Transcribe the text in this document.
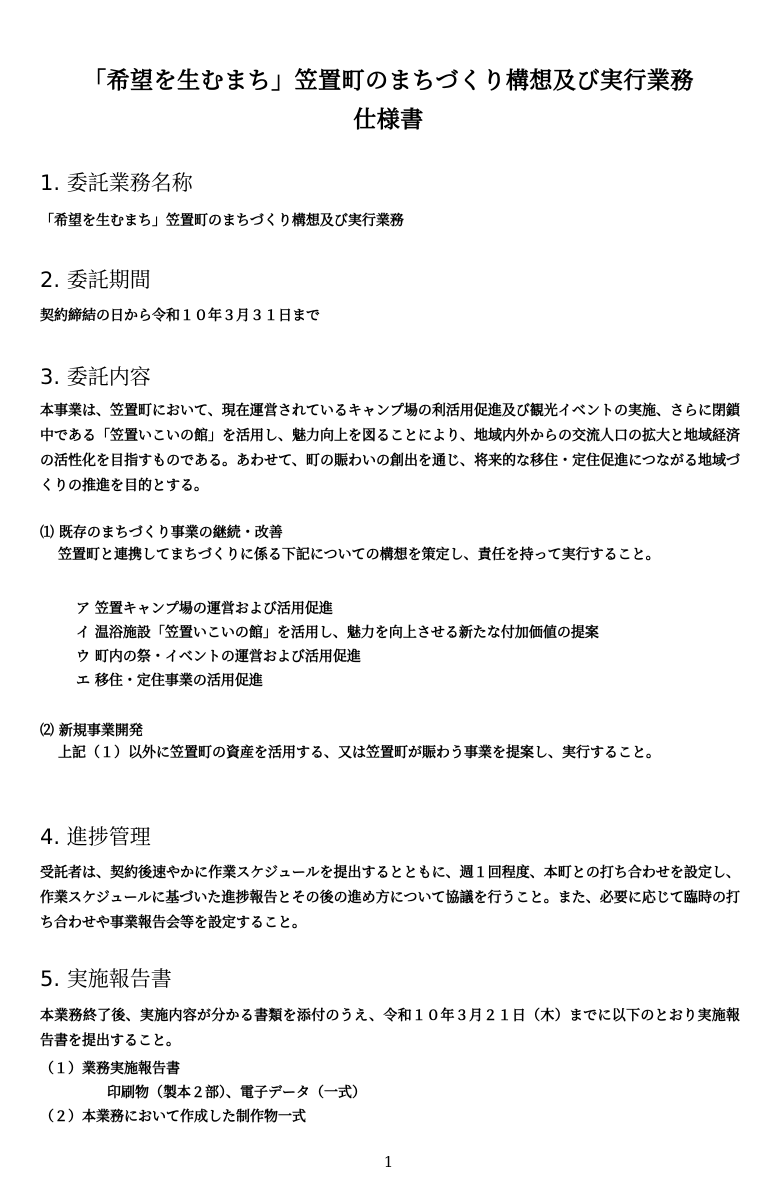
「希望を生むまち」笠置町のまちづくり構想及び実行業務
仕様書
1. 委託業務名称
「希望を生むまち」笠置町のまちづくり構想及び実行業務
2. 委託期間
契約締結の日から令和１０年３月３１日まで
3. 委託内容
本事業は、笠置町において、現在運営されているキャンプ場の利活用促進及び観光イベントの実施、さらに閉鎖中である「笠置いこいの館」を活用し、魅力向上を図ることにより、地域内外からの交流人口の拡大と地域経済の活性化を目指すものである。あわせて、町の賑わいの創出を通じ、将来的な移住・定住促進につながる地域づくりの推進を目的とする。
⑴ 既存のまちづくり事業の継続・改善
笠置町と連携してまちづくりに係る下記についての構想を策定し、責任を持って実行すること。
ア 笠置キャンプ場の運営および活用促進
イ 温浴施設「笠置いこいの館」を活用し、魅力を向上させる新たな付加価値の提案
ウ 町内の祭・イベントの運営および活用促進
エ 移住・定住事業の活用促進
⑵ 新規事業開発
上記（１）以外に笠置町の資産を活用する、又は笠置町が賑わう事業を提案し、実行すること。
4. 進捗管理
受託者は、契約後速やかに作業スケジュールを提出するとともに、週１回程度、本町との打ち合わせを設定し、作業スケジュールに基づいた進捗報告とその後の進め方について協議を行うこと。また、必要に応じて臨時の打ち合わせや事業報告会等を設定すること。
5. 実施報告書
本業務終了後、実施内容が分かる書類を添付のうえ、令和１０年３月２１日（木）までに以下のとおり実施報告書を提出すること。
（１）業務実施報告書
印刷物（製本２部）、電子データ（一式）
（２）本業務において作成した制作物一式
1
